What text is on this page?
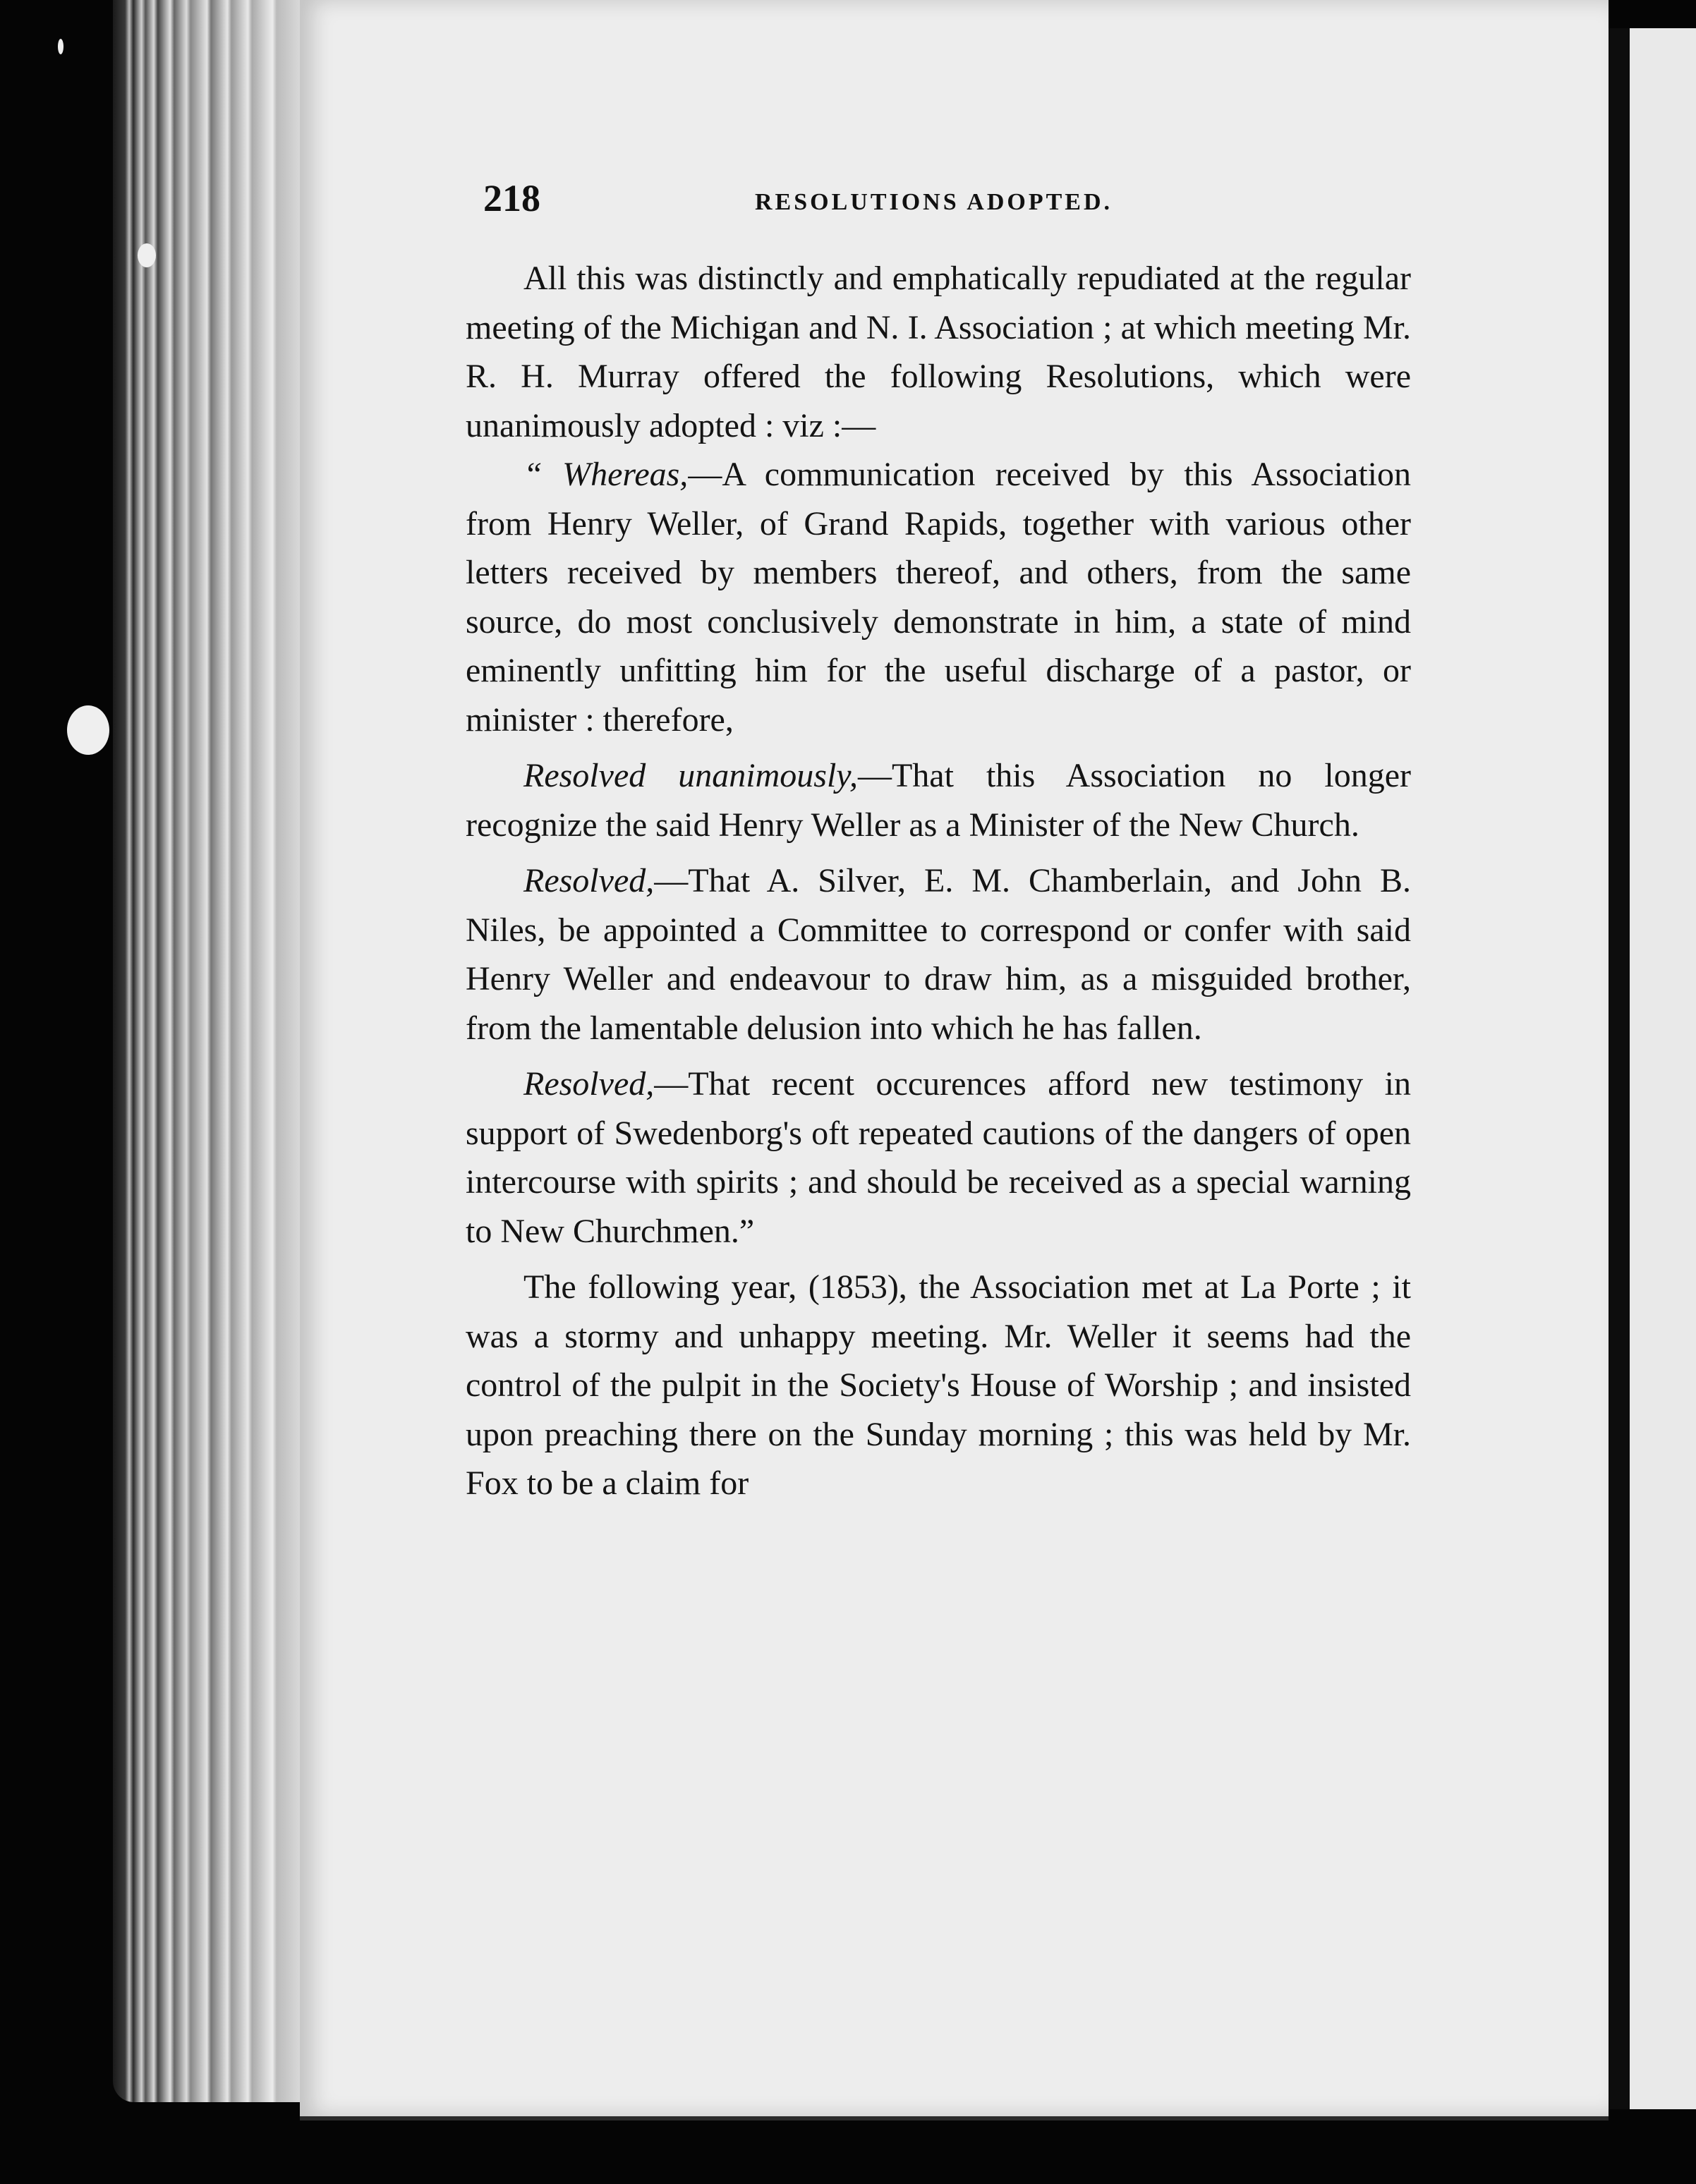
218	RESOLUTIONS ADOPTED.

All this was distinctly and emphatically repudiated at the regular meeting of the Michigan and N. I. Association ; at which meeting Mr. R. H. Murray offered the following Resolutions, which were unanimously adopted : viz :—

“ Whereas,—A communication received by this Association from Henry Weller, of Grand Rapids, together with various other letters received by members thereof, and others, from the same source, do most conclusively demonstrate in him, a state of mind eminently unfitting him for the useful discharge of a pastor, or minister : therefore,

Resolved unanimously,—That this Association no longer recognize the said Henry Weller as a Minister of the New Church.

Resolved,—That A. Silver, E. M. Chamberlain, and John B. Niles, be appointed a Committee to correspond or confer with said Henry Weller and endeavour to draw him, as a misguided brother, from the lamentable delusion into which he has fallen.

Resolved,—That recent occurences afford new testimony in support of Swedenborg's oft repeated cautions of the dangers of open intercourse with spirits ; and should be received as a special warning to New Churchmen.”

The following year, (1853), the Association met at La Porte ; it was a stormy and unhappy meeting. Mr. Weller it seems had the control of the pulpit in the Society's House of Worship ; and insisted upon preaching there on the Sunday morning ; this was held by Mr. Fox to be a claim for
